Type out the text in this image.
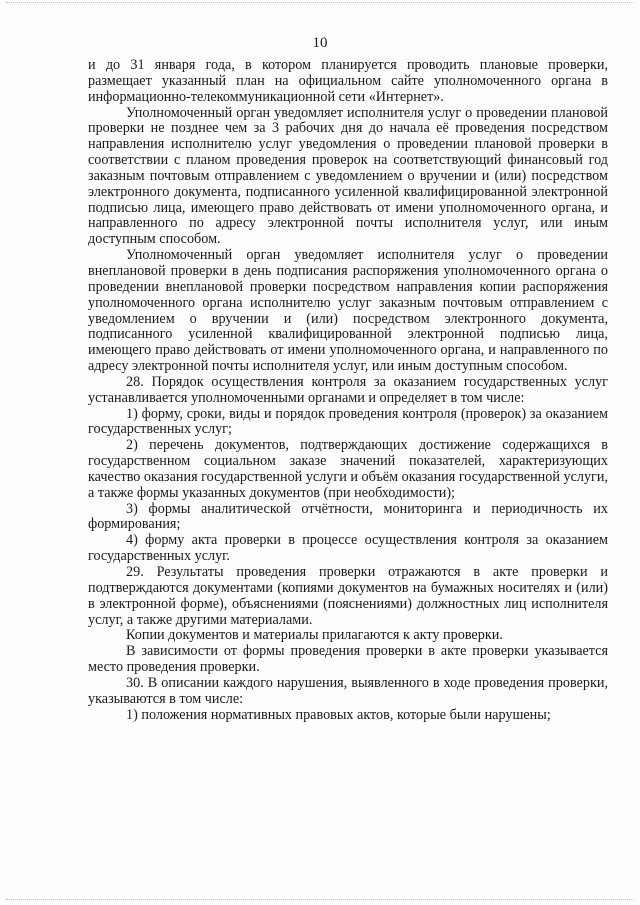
10

и до 31 января года, в котором планируется проводить плановые проверки, размещает указанный план на официальном сайте уполномоченного органа в информационно-телекоммуникационной сети «Интернет».

Уполномоченный орган уведомляет исполнителя услуг о проведении плановой проверки не позднее чем за 3 рабочих дня до начала её проведения посредством направления исполнителю услуг уведомления о проведении плановой проверки в соответствии с планом проведения проверок на соответствующий финансовый год заказным почтовым отправлением с уведомлением о вручении и (или) посредством электронного документа, подписанного усиленной квалифицированной электронной подписью лица, имеющего право действовать от имени уполномоченного органа, и направленного по адресу электронной почты исполнителя услуг, или иным доступным способом.

Уполномоченный орган уведомляет исполнителя услуг о проведении внеплановой проверки в день подписания распоряжения уполномоченного органа о проведении внеплановой проверки посредством направления копии распоряжения уполномоченного органа исполнителю услуг заказным почтовым отправлением с уведомлением о вручении и (или) посредством электронного документа, подписанного усиленной квалифицированной электронной подписью лица, имеющего право действовать от имени уполномоченного органа, и направленного по адресу электронной почты исполнителя услуг, или иным доступным способом.

28. Порядок осуществления контроля за оказанием государственных услуг устанавливается уполномоченными органами и определяет в том числе:

1) форму, сроки, виды и порядок проведения контроля (проверок) за оказанием государственных услуг;

2) перечень документов, подтверждающих достижение содержащихся в государственном социальном заказе значений показателей, характеризующих качество оказания государственной услуги и объём оказания государственной услуги, а также формы указанных документов (при необходимости);

3) формы аналитической отчётности, мониторинга и периодичность их формирования;

4) форму акта проверки в процессе осуществления контроля за оказанием государственных услуг.

29. Результаты проведения проверки отражаются в акте проверки и подтверждаются документами (копиями документов на бумажных носителях и (или) в электронной форме), объяснениями (пояснениями) должностных лиц исполнителя услуг, а также другими материалами.

Копии документов и материалы прилагаются к акту проверки.

В зависимости от формы проведения проверки в акте проверки указывается место проведения проверки.

30. В описании каждого нарушения, выявленного в ходе проведения проверки, указываются в том числе:

1) положения нормативных правовых актов, которые были нарушены;
